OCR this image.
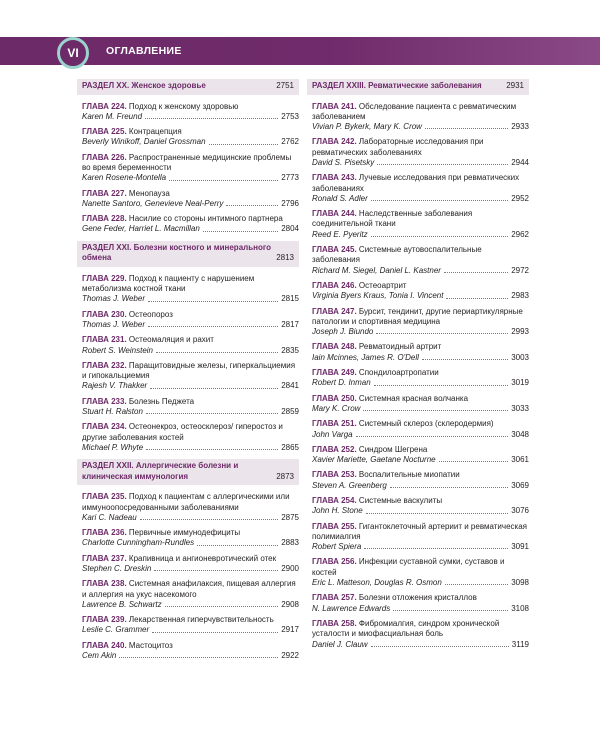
VI	ОГЛАВЛЕНИЕ
РАЗДЕЛ XX. Женское здоровье	2751
ГЛАВА 224. Подход к женскому здоровью
Karen M. Freund	2753
ГЛАВА 225. Контрацепция
Beverly Winikoff, Daniel Grossman	2762
ГЛАВА 226. Распространенные медицинские проблемы во время беременности
Karen Rosene-Montella	2773
ГЛАВА 227. Менопауза
Nanette Santoro, Genevieve Neal-Perry	2796
ГЛАВА 228. Насилие со стороны интимного партнера
Gene Feder, Harriet L. Macmillan	2804
РАЗДЕЛ XXI. Болезни костного и минерального обмена	2813
ГЛАВА 229. Подход к пациенту с нарушением метаболизма костной ткани
Thomas J. Weber	2815
ГЛАВА 230. Остеопороз
Thomas J. Weber	2817
ГЛАВА 231. Остеомаляция и рахит
Robert S. Weinstein	2835
ГЛАВА 232. Паращитовидные железы, гиперкальциемия и гипокальциемия
Rajesh V. Thakker	2841
ГЛАВА 233. Болезнь Педжета
Stuart H. Ralston	2859
ГЛАВА 234. Остеонекроз, остеосклероз/ гиперостоз и другие заболевания костей
Michael P. Whyte	2865
РАЗДЕЛ XXII. Аллергические болезни и клиническая иммунология	2873
ГЛАВА 235. Подход к пациентам с аллергическими или иммуноопосредованными заболеваниями
Kari C. Nadeau	2875
ГЛАВА 236. Первичные иммунодефициты
Charlotte Cunningham-Rundles	2883
ГЛАВА 237. Крапивница и ангионевротический отек
Stephen C. Dreskin	2900
ГЛАВА 238. Системная анафилаксия, пищевая аллергия и аллергия на укус насекомого
Lawrence B. Schwartz	2908
ГЛАВА 239. Лекарственная гиперчувствительность
Leslie C. Grammer	2917
ГЛАВА 240. Мастоцитоз
Cem Akin	2922
РАЗДЕЛ XXIII. Ревматические заболевания	2931
ГЛАВА 241. Обследование пациента с ревматическим заболеванием
Vivian P. Bykerk, Mary K. Crow	2933
ГЛАВА 242. Лабораторные исследования при ревматических заболеваниях
David S. Pisetsky	2944
ГЛАВА 243. Лучевые исследования при ревматических заболеваниях
Ronald S. Adler	2952
ГЛАВА 244. Наследственные заболевания соединительной ткани
Reed E. Pyeritz	2962
ГЛАВА 245. Системные аутовоспалительные заболевания
Richard M. Siegel, Daniel L. Kastner	2972
ГЛАВА 246. Остеоартрит
Virginia Byers Kraus, Tonia I. Vincent	2983
ГЛАВА 247. Бурсит, тендинит, другие периартикулярные патологии и спортивная медицина
Joseph J. Biundo	2993
ГЛАВА 248. Ревматоидный артрит
Iain Mcinnes, James R. O'Dell	3003
ГЛАВА 249. Спондилоартропатии
Robert D. Inman	3019
ГЛАВА 250. Системная красная волчанка
Mary K. Crow	3033
ГЛАВА 251. Системный склероз (склеродермия)
John Varga	3048
ГЛАВА 252. Синдром Шегрена
Xavier Mariette, Gaetane Nocturne	3061
ГЛАВА 253. Воспалительные миопатии
Steven A. Greenberg	3069
ГЛАВА 254. Системные васкулиты
John H. Stone	3076
ГЛАВА 255. Гигантоклеточный артериит и ревматическая полимиалгия
Robert Spiera	3091
ГЛАВА 256. Инфекции суставной сумки, суставов и костей
Eric L. Matteson, Douglas R. Osmon	3098
ГЛАВА 257. Болезни отложения кристаллов
N. Lawrence Edwards	3108
ГЛАВА 258. Фибромиалгия, синдром хронической усталости и миофасциальная боль
Daniel J. Clauw	3119
